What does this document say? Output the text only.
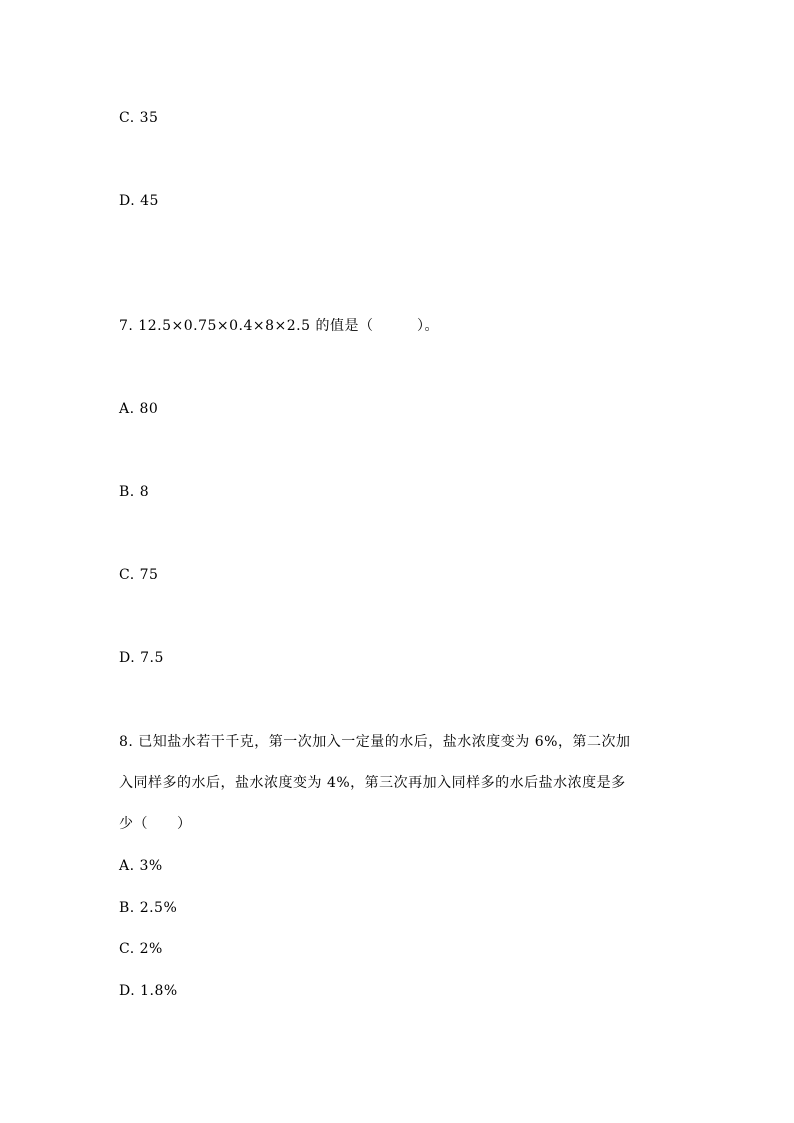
C. 35
D. 45
7. 12.5×0.75×0.4×8×2.5 的值是（　　　）。
A. 80
B. 8
C. 75
D. 7.5
8. 已知盐水若干千克，第一次加入一定量的水后，盐水浓度变为 6%，第二次加
入同样多的水后，盐水浓度变为 4%，第三次再加入同样多的水后盐水浓度是多
少（　　）
A. 3%
B. 2.5%
C. 2%
D. 1.8%
